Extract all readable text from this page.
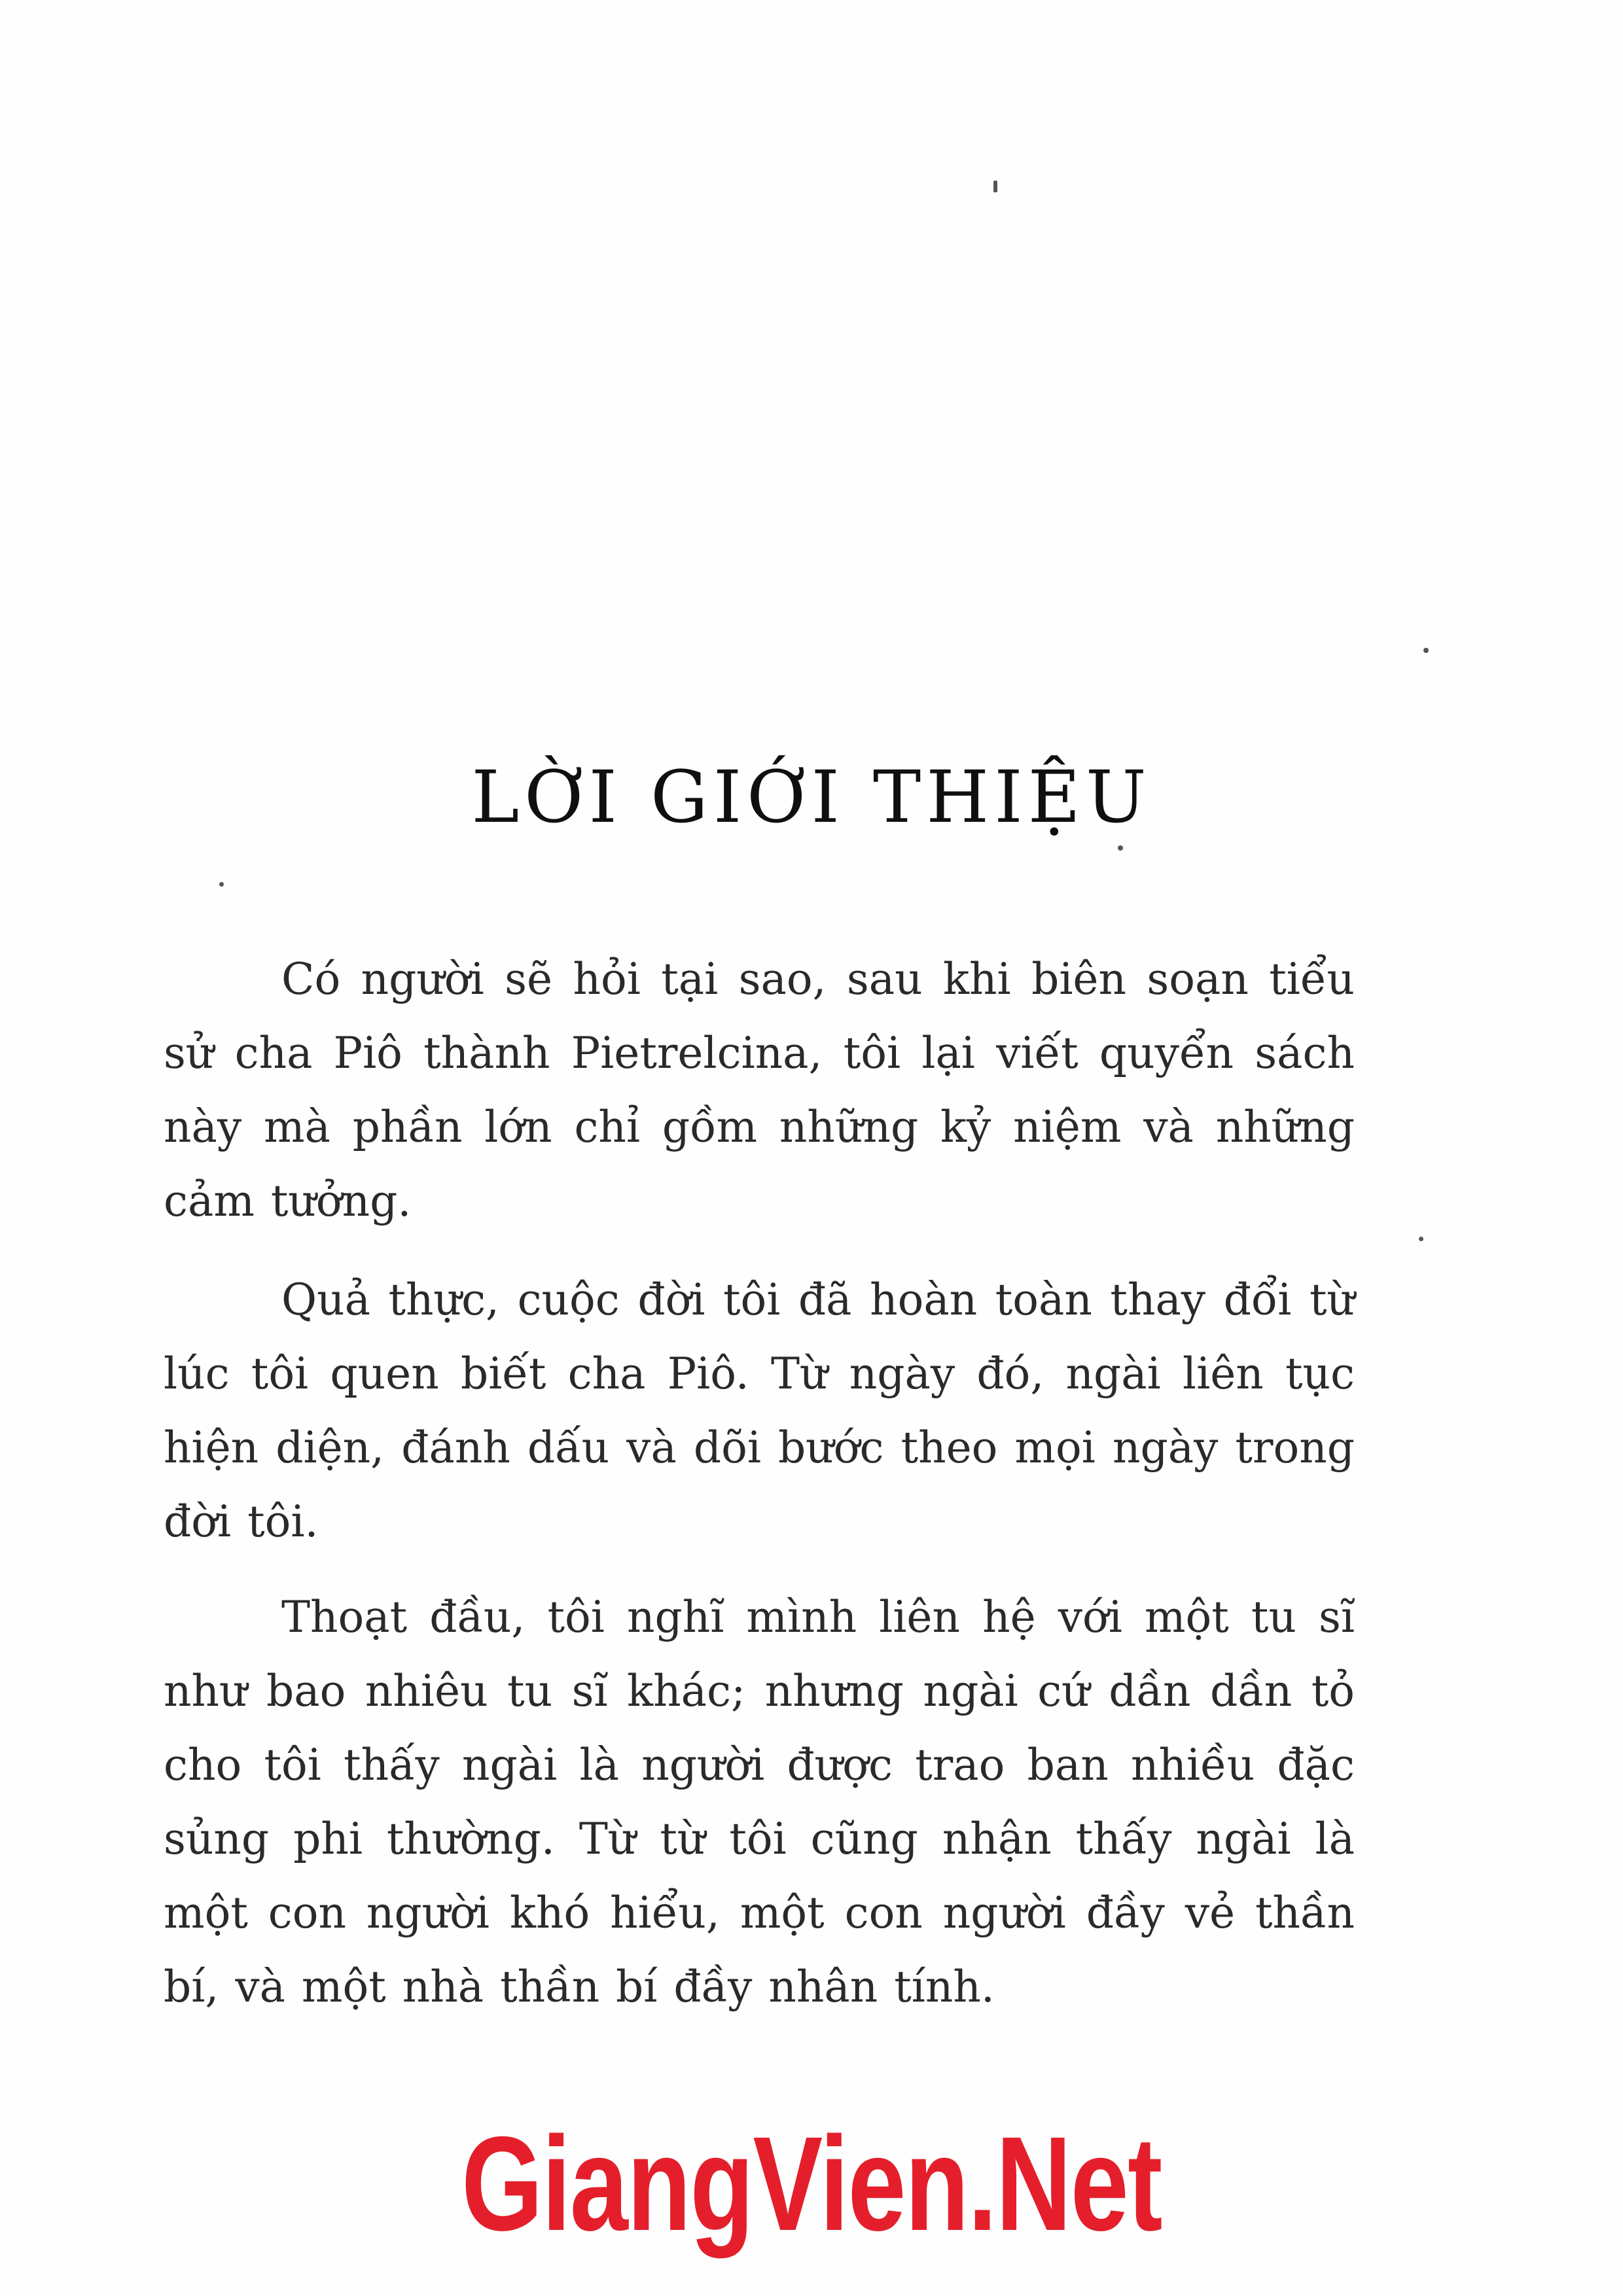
LỜI GIỚI THIỆU

Có người sẽ hỏi tại sao, sau khi biên soạn tiểu sử cha Piô thành Pietrelcina, tôi lại viết quyển sách này mà phần lớn chỉ gồm những kỷ niệm và những cảm tưởng.

Quả thực, cuộc đời tôi đã hoàn toàn thay đổi từ lúc tôi quen biết cha Piô. Từ ngày đó, ngài liên tục hiện diện, đánh dấu và dõi bước theo mọi ngày trong đời tôi.

Thoạt đầu, tôi nghĩ mình liên hệ với một tu sĩ như bao nhiêu tu sĩ khác; nhưng ngài cứ dần dần tỏ cho tôi thấy ngài là người được trao ban nhiều đặc sủng phi thường. Từ từ tôi cũng nhận thấy ngài là một con người khó hiểu, một con người đầy vẻ thần bí, và một nhà thần bí đầy nhân tính.

GiangVien.Net
